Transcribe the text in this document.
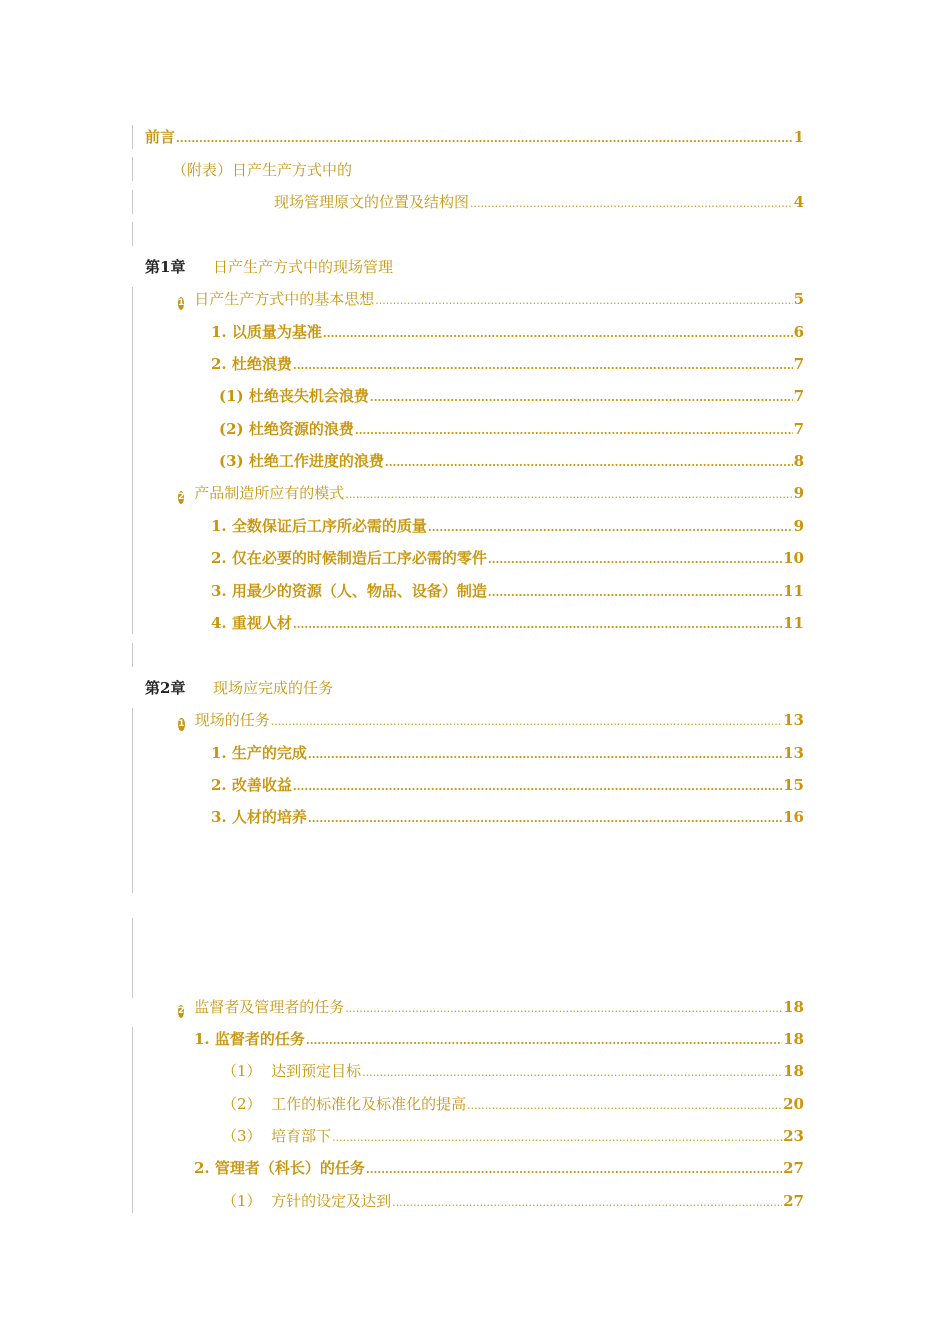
前言 .....	1
（附表）日产生产方式中的
现场管理原文的位置及结构图 .....	4
第1章	日产生产方式中的现场管理
1 日产生产方式中的基本思想 .....	5
1. 以质量为基准 .....	6
2. 杜绝浪费 .....	7
(1) 杜绝丧失机会浪费 .....	7
(2) 杜绝资源的浪费 .....	7
(3) 杜绝工作进度的浪费 .....	8
2 产品制造所应有的模式 .....	9
1. 全数保证后工序所必需的质量 .....	9
2. 仅在必要的时候制造后工序必需的零件 .....	10
3. 用最少的资源（人、物品、设备）制造 .....	11
4. 重视人材 .....	11
第2章	现场应完成的任务
1 现场的任务 .....	13
1. 生产的完成 .....	13
2. 改善收益 .....	15
3. 人材的培养 .....	16
2 监督者及管理者的任务 .....	18
1. 监督者的任务 .....	18
（1）  达到预定目标 .....	18
（2）  工作的标准化及标准化的提高 .....	20
（3）  培育部下 .....	23
2. 管理者（科长）的任务 .....	27
（1）  方针的设定及达到 .....	27
